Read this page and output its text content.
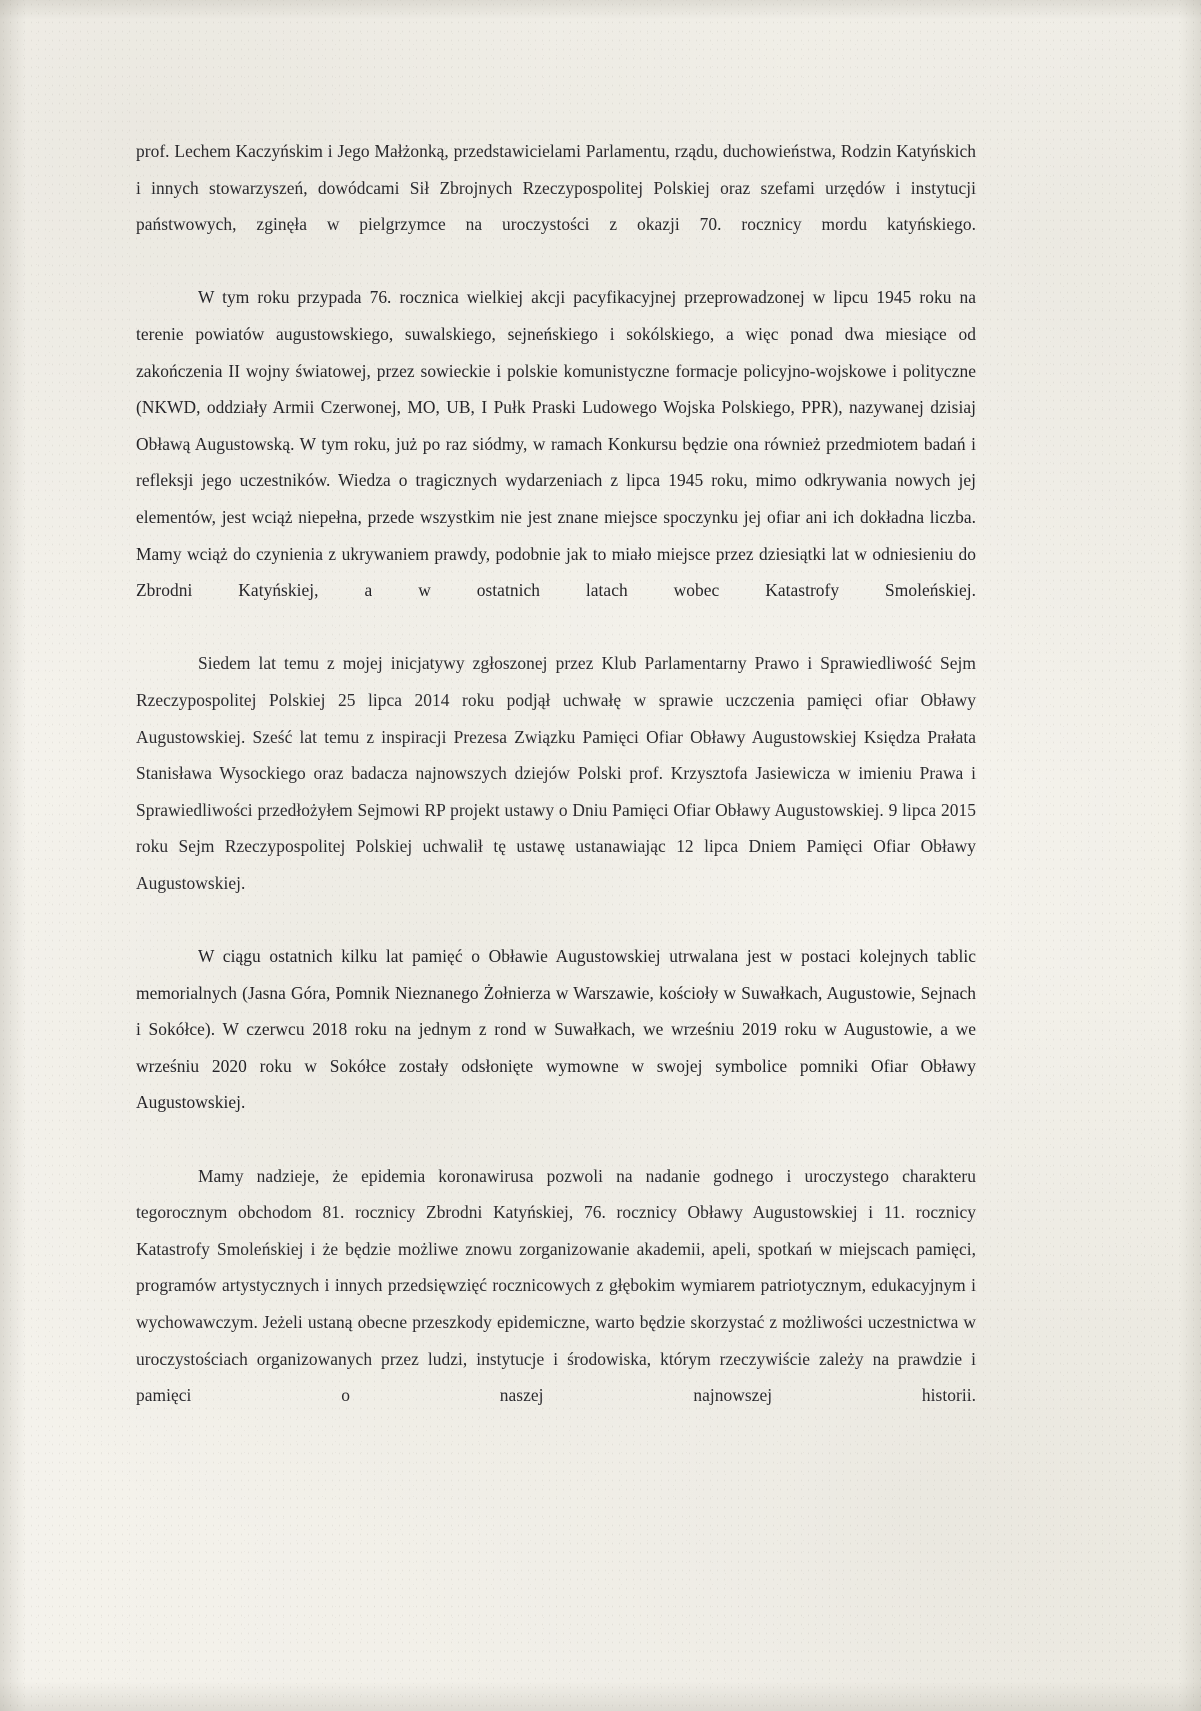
prof. Lechem Kaczyńskim i Jego Małżonką, przedstawicielami Parlamentu, rządu, duchowieństwa, Rodzin Katyńskich i innych stowarzyszeń, dowódcami Sił Zbrojnych Rzeczypospolitej Polskiej oraz szefami urzędów i instytucji państwowych, zginęła w pielgrzymce na uroczystości z okazji 70. rocznicy mordu katyńskiego.

W tym roku przypada 76. rocznica wielkiej akcji pacyfikacyjnej przeprowadzonej w lipcu 1945 roku na terenie powiatów augustowskiego, suwalskiego, sejneńskiego i sokólskiego, a więc ponad dwa miesiące od zakończenia II wojny światowej, przez sowieckie i polskie komunistyczne formacje policyjno-wojskowe i polityczne (NKWD, oddziały Armii Czerwonej, MO, UB, I Pułk Praski Ludowego Wojska Polskiego, PPR), nazywanej dzisiaj Obławą Augustowską. W tym roku, już po raz siódmy, w ramach Konkursu będzie ona również przedmiotem badań i refleksji jego uczestników. Wiedza o tragicznych wydarzeniach z lipca 1945 roku, mimo odkrywania nowych jej elementów, jest wciąż niepełna, przede wszystkim nie jest znane miejsce spoczynku jej ofiar ani ich dokładna liczba. Mamy wciąż do czynienia z ukrywaniem prawdy, podobnie jak to miało miejsce przez dziesiątki lat w odniesieniu do Zbrodni Katyńskiej, a w ostatnich latach wobec Katastrofy Smoleńskiej.

Siedem lat temu z mojej inicjatywy zgłoszonej przez Klub Parlamentarny Prawo i Sprawiedliwość Sejm Rzeczypospolitej Polskiej 25 lipca 2014 roku podjął uchwałę w sprawie uczczenia pamięci ofiar Obławy Augustowskiej. Sześć lat temu z inspiracji Prezesa Związku Pamięci Ofiar Obławy Augustowskiej Księdza Prałata Stanisława Wysockiego oraz badacza najnowszych dziejów Polski prof. Krzysztofa Jasiewicza w imieniu Prawa i Sprawiedliwości przedłożyłem Sejmowi RP projekt ustawy o Dniu Pamięci Ofiar Obławy Augustowskiej. 9 lipca 2015 roku Sejm Rzeczypospolitej Polskiej uchwalił tę ustawę ustanawiając 12 lipca Dniem Pamięci Ofiar Obławy Augustowskiej.

W ciągu ostatnich kilku lat pamięć o Obławie Augustowskiej utrwalana jest w postaci kolejnych tablic memorialnych (Jasna Góra, Pomnik Nieznanego Żołnierza w Warszawie, kościoły w Suwałkach, Augustowie, Sejnach i Sokółce). W czerwcu 2018 roku na jednym z rond w Suwałkach, we wrześniu 2019 roku w Augustowie, a we wrześniu 2020 roku w Sokółce zostały odsłonięte wymowne w swojej symbolice pomniki Ofiar Obławy Augustowskiej.

Mamy nadzieje, że epidemia koronawirusa pozwoli na nadanie godnego i uroczystego charakteru tegorocznym obchodom 81. rocznicy Zbrodni Katyńskiej, 76. rocznicy Obławy Augustowskiej i 11. rocznicy Katastrofy Smoleńskiej i że będzie możliwe znowu zorganizowanie akademii, apeli, spotkań w miejscach pamięci, programów artystycznych i innych przedsięwzięć rocznicowych z głębokim wymiarem patriotycznym, edukacyjnym i wychowawczym. Jeżeli ustaną obecne przeszkody epidemiczne, warto będzie skorzystać z możliwości uczestnictwa w uroczystościach organizowanych przez ludzi, instytucje i środowiska, którym rzeczywiście zależy na prawdzie i pamięci o naszej najnowszej historii.
